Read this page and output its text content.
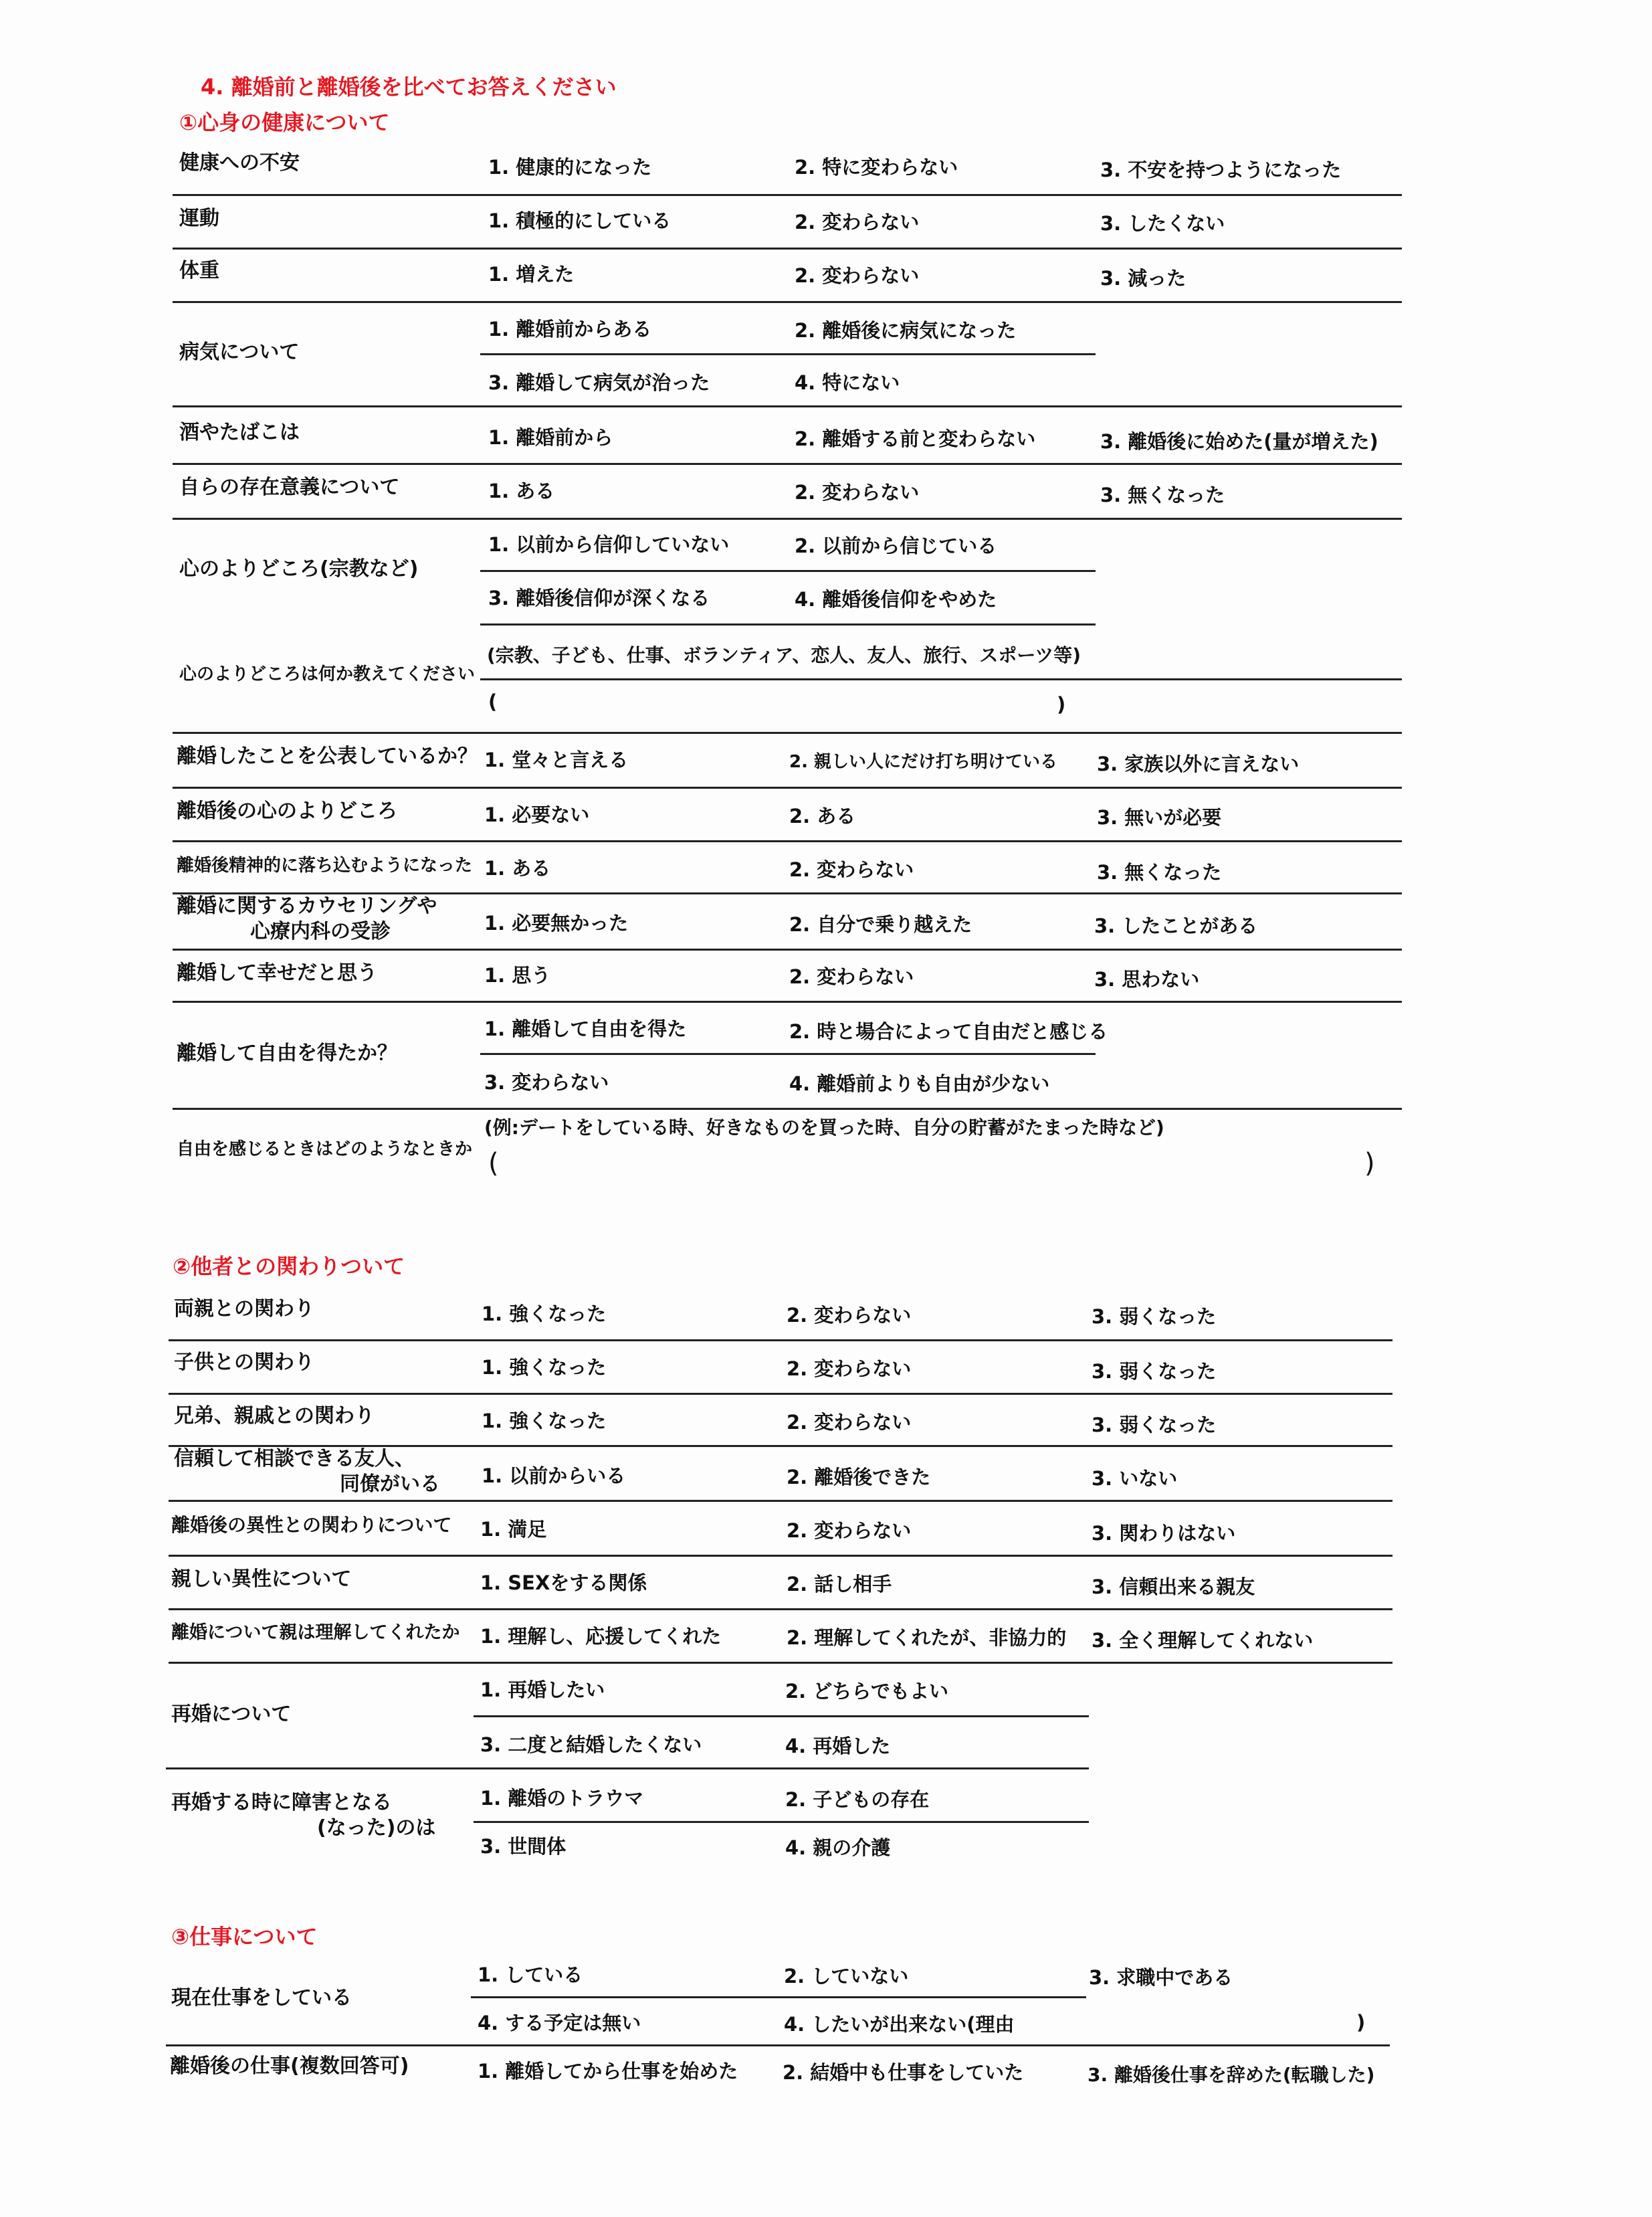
4. 離婚前と離婚後を比べてお答えください
①心身の健康について
健康への不安	1. 健康的になった	2. 特に変わらない	3. 不安を持つようになった
運動	1. 積極的にしている	2. 変わらない	3. したくない
体重	1. 増えた	2. 変わらない	3. 減った
病気について
1. 離婚前からある	2. 離婚後に病気になった
3. 離婚して病気が治った	4. 特にない
酒やたばこは	1. 離婚前から	2. 離婚する前と変わらない	3. 離婚後に始めた(量が増えた)
自らの存在意義について	1. ある	2. 変わらない	3. 無くなった
心のよりどころ(宗教など)
1. 以前から信仰していない	2. 以前から信じている
3. 離婚後信仰が深くなる	4. 離婚後信仰をやめた
心のよりどころは何か教えてください
(宗教、子ども、仕事、ボランティア、恋人、友人、旅行、スポーツ等)
(	)
離婚したことを公表しているか？ 1. 堂々と言える	2. 親しい人にだけ打ち明けている 3. 家族以外に言えない
離婚後の心のよりどころ	1. 必要ない	2. ある	3. 無いが必要
離婚後精神的に落ち込むようになった 1. ある	2. 変わらない	3. 無くなった
離婚に関するカウセリングや
心療内科の受診	1. 必要無かった	2. 自分で乗り越えた	3. したことがある
離婚して幸せだと思う	1. 思う	2. 変わらない	3. 思わない
離婚して自由を得たか？
1. 離婚して自由を得た	2. 時と場合によって自由だと感じる
3. 変わらない	4. 離婚前よりも自由が少ない
自由を感じるときはどのようなときか
(例:デートをしている時、好きなものを買った時、自分の貯蓄がたまった時など)
(	)
②他者との関わりついて
両親との関わり	1. 強くなった	2. 変わらない	3. 弱くなった
子供との関わり	1. 強くなった	2. 変わらない	3. 弱くなった
兄弟、親戚との関わり	1. 強くなった	2. 変わらない	3. 弱くなった
信頼して相談できる友人、
同僚がいる 1. 以前からいる	2. 離婚後できた	3. いない
離婚後の異性との関わりについて 1. 満足	2. 変わらない	3. 関わりはない
親しい異性について	1. SEXをする関係	2. 話し相手	3. 信頼出来る親友
離婚について親は理解してくれたか 1. 理解し、応援してくれた	2. 理解してくれたが、非協力的 3. 全く理解してくれない
再婚について
1. 再婚したい	2. どちらでもよい
3. 二度と結婚したくない	4. 再婚した
再婚する時に障害となる
(なった)のは
1. 離婚のトラウマ	2. 子どもの存在
3. 世間体	4. 親の介護
③仕事について
現在仕事をしている
1. している	2. していない	3. 求職中である
4. する予定は無い	4. したいが出来ない(理由	)
離婚後の仕事(複数回答可)	1. 離婚してから仕事を始めた 2. 結婚中も仕事をしていた	3. 離婚後仕事を辞めた(転職した)
